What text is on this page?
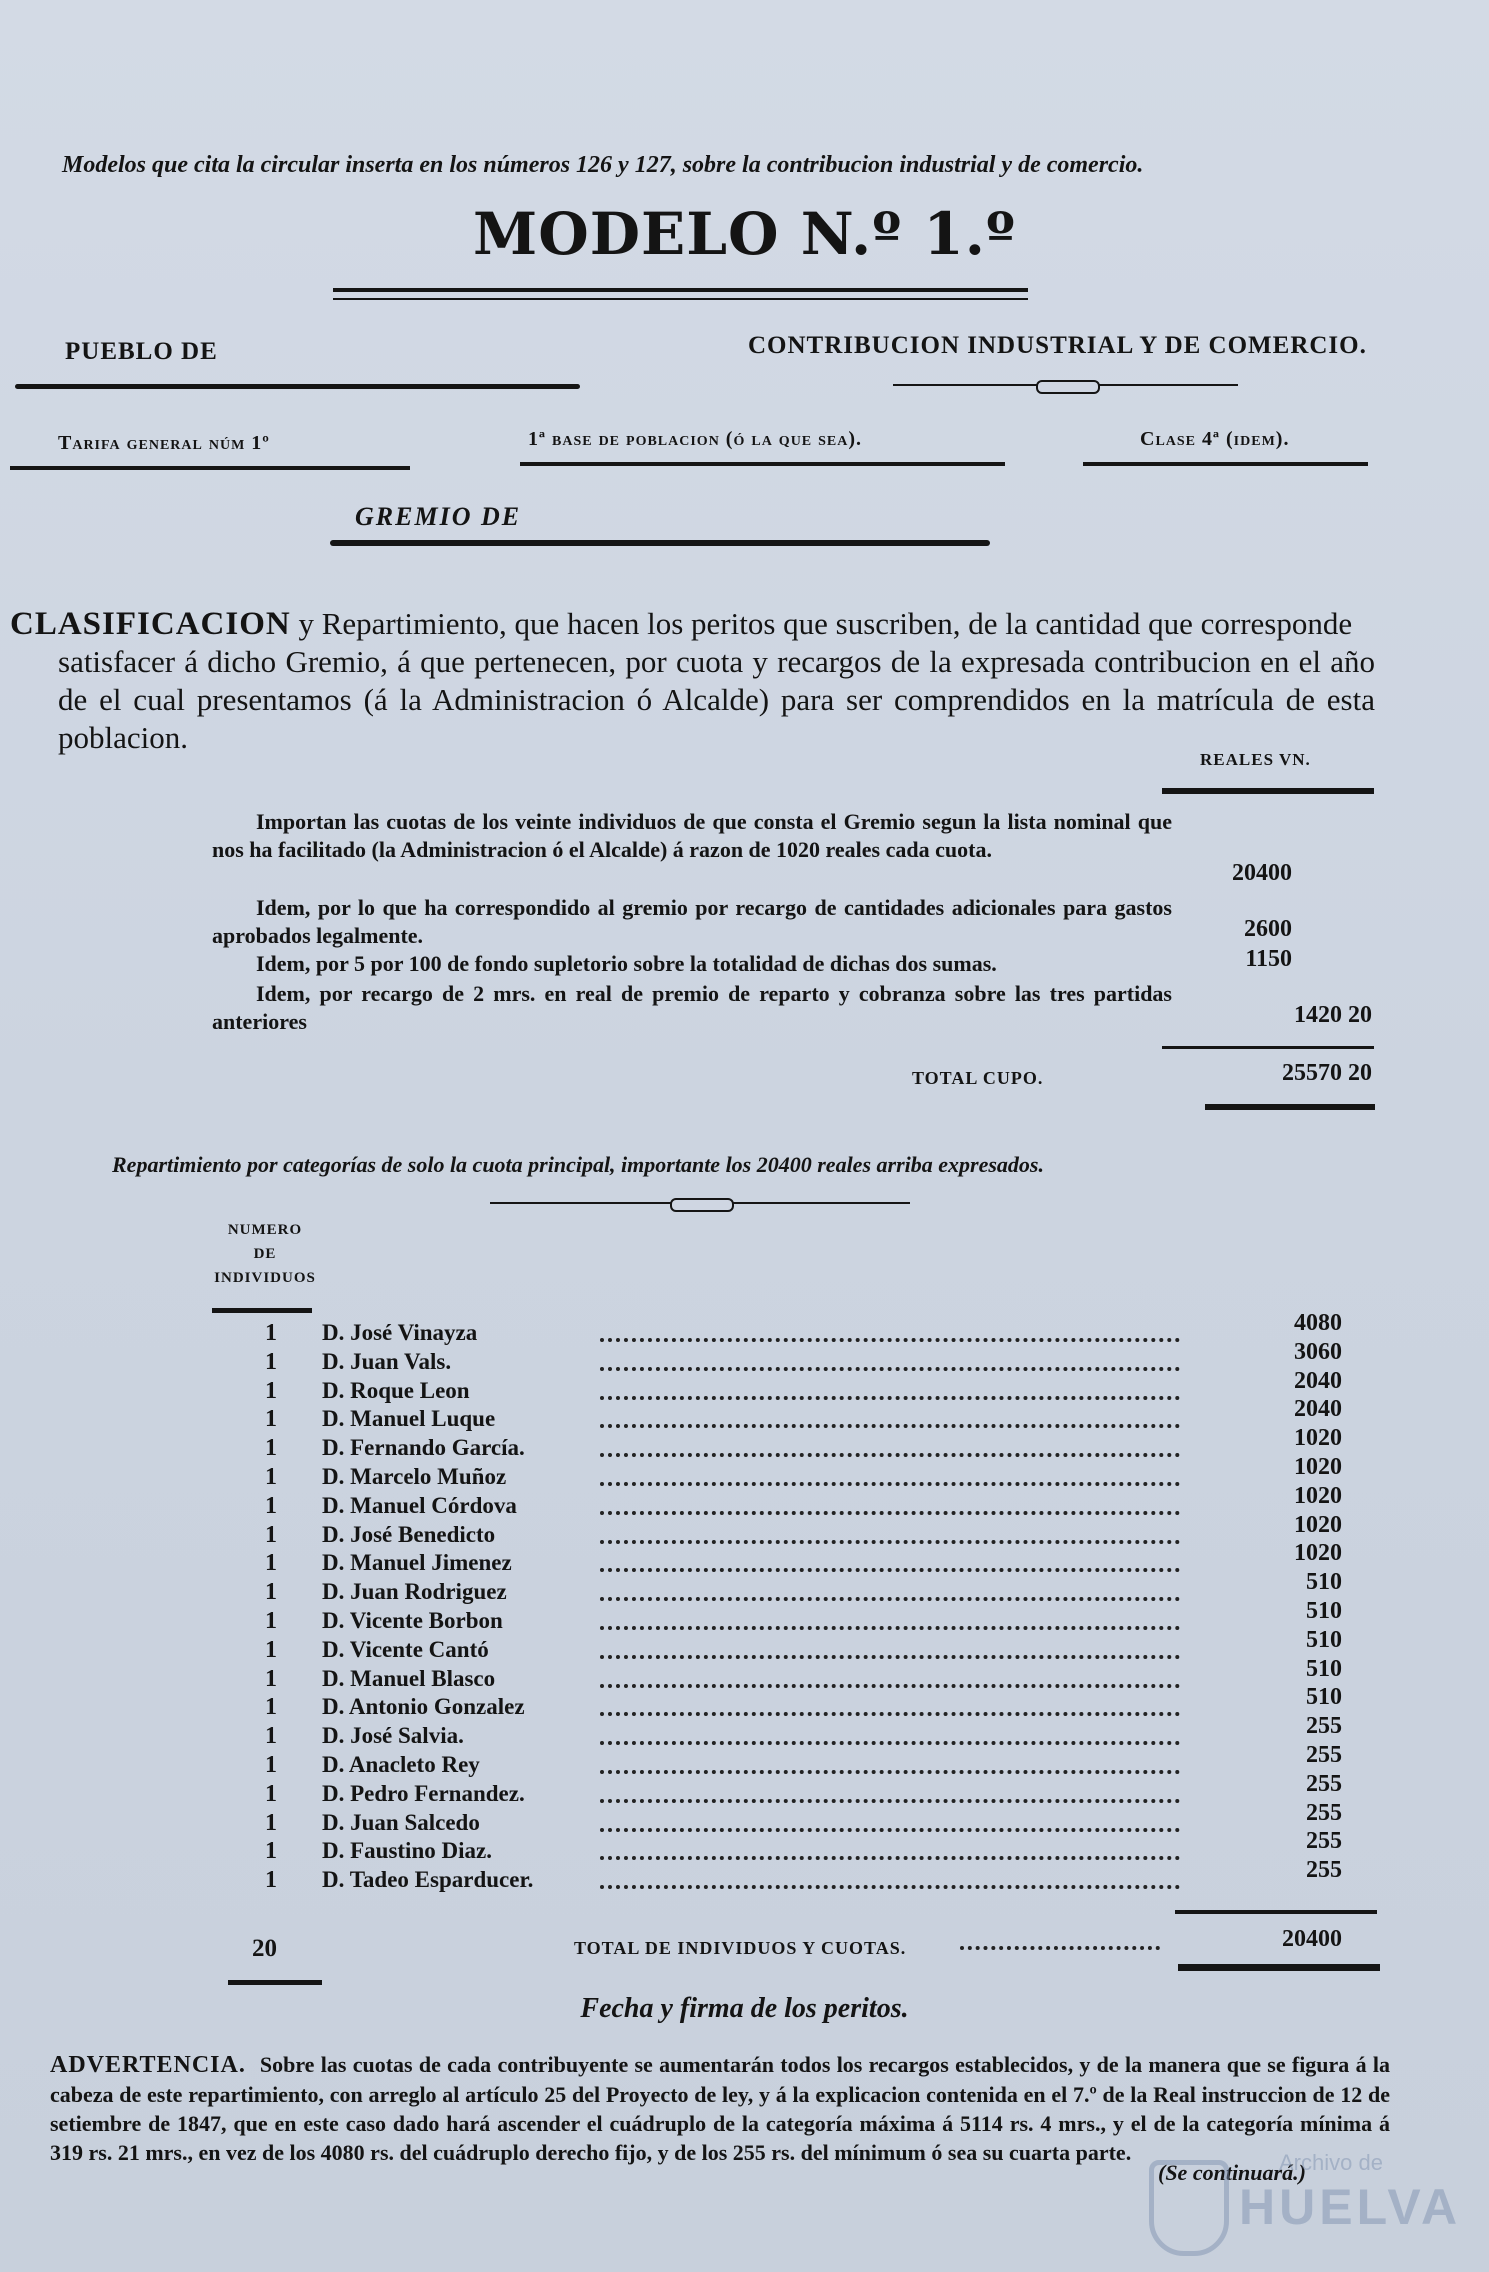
Modelos que cita la circular inserta en los números 126 y 127, sobre la contribucion industrial y de comercio.
MODELO N.º 1.º
PUEBLO DE	CONTRIBUCION INDUSTRIAL Y DE COMERCIO.
Tarifa general núm 1º	1ª base de poblacion (ó la que sea).	Clase 4ª (idem).
GREMIO DE
CLASIFICACION y Repartimiento, que hacen los peritos que suscriben, de la cantidad que corresponde
satisfacer á dicho Gremio, á que pertenecen, por cuota y recargos de la expresada contribucion en el año de el cual presentamos (á la Administracion ó Alcalde) para ser comprendidos en la matrícula de esta poblacion.
REALES VN.
Importan las cuotas de los veinte individuos de que consta el Gremio segun la lista nominal que nos ha facilitado (la Administracion ó el Alcalde) á razon de 1020 reales cada cuota.
20400
Idem, por lo que ha correspondido al gremio por recargo de cantidades adicionales para gastos aprobados legalmente.	2600
Idem, por 5 por 100 de fondo supletorio sobre la totalidad de dichas dos sumas.	1150
Idem, por recargo de 2 mrs. en real de premio de reparto y cobranza sobre las tres partidas anteriores	1420 20
TOTAL CUPO.	25570 20
Repartimiento por categorías de solo la cuota principal, importante los 20400 reales arriba expresados.
NUMERO
DE
INDIVIDUOS
1	D. José Vinayza	4080
1	D. Juan Vals.	3060
1	D. Roque Leon	2040
1	D. Manuel Luque	2040
1	D. Fernando García.	1020
1	D. Marcelo Muñoz	1020
1	D. Manuel Córdova	1020
1	D. José Benedicto	1020
1	D. Manuel Jimenez	1020
1	D. Juan Rodriguez	510
1	D. Vicente Borbon	510
1	D. Vicente Cantó	510
1	D. Manuel Blasco	510
1	D. Antonio Gonzalez	510
1	D. José Salvia.	255
1	D. Anacleto Rey	255
1	D. Pedro Fernandez.	255
1	D. Juan Salcedo	255
1	D. Faustino Diaz.	255
1	D. Tadeo Esparducer.	255
20	TOTAL DE INDIVIDUOS Y CUOTAS.	20400
Fecha y firma de los peritos.
ADVERTENCIA. Sobre las cuotas de cada contribuyente se aumentarán todos los recargos establecidos, y de la manera que se figura á la cabeza de este repartimiento, con arreglo al artículo 25 del Proyecto de ley, y á la explicacion contenida en el 7.º de la Real instruccion de 12 de setiembre de 1847, que en este caso dado hará ascender el cuádruplo de la categoría máxima á 5114 rs. 4 mrs., y el de la categoría mínima á 319 rs. 21 mrs., en vez de los 4080 rs. del cuádruplo derecho fijo, y de los 255 rs. del mínimum ó sea su cuarta parte.
(Se continuará.)
Archivo de
HUELVA
